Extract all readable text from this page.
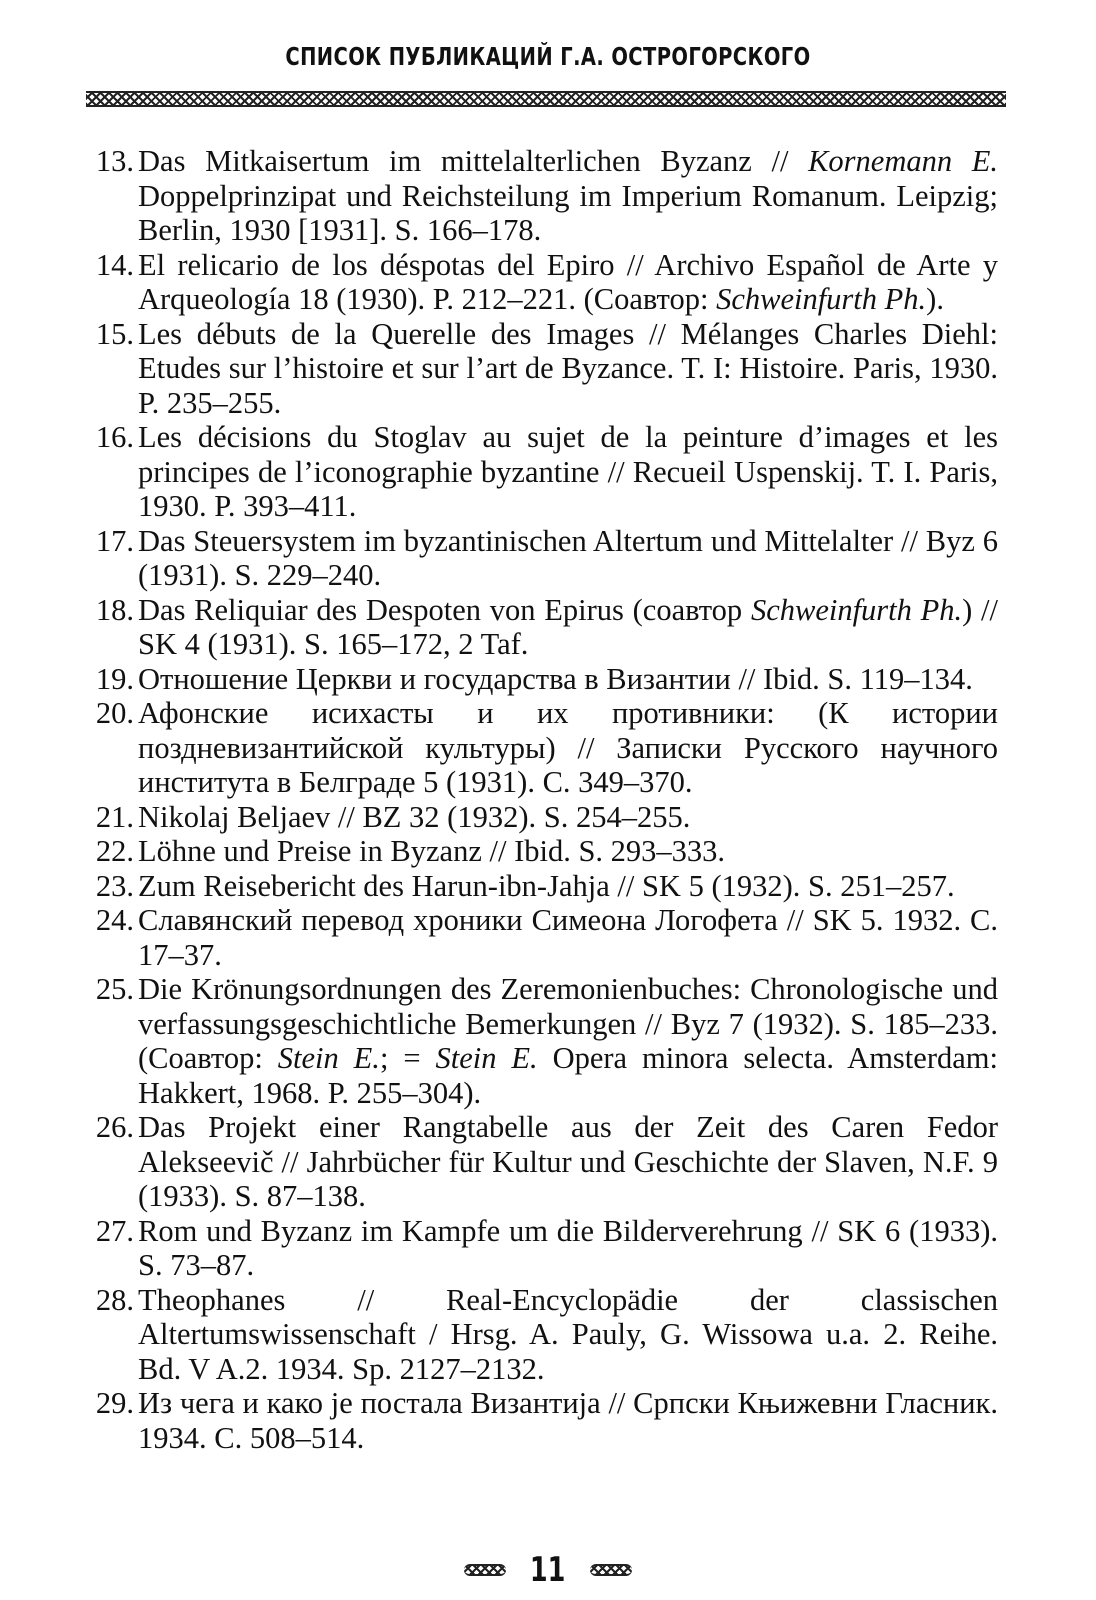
СПИСОК ПУБЛИКАЦИЙ Г.А. ОСТРОГОРСКОГО
13. Das Mitkaisertum im mittelalterlichen Byzanz // Kornemann E. Doppelprinzipat und Reichsteilung im Imperium Romanum. Leipzig; Berlin, 1930 [1931]. S. 166–178.
14. El relicario de los déspotas del Epiro // Archivo Español de Arte y Arqueología 18 (1930). P. 212–221. (Соавтор: Schweinfurth Ph.).
15. Les débuts de la Querelle des Images // Mélanges Charles Diehl: Etudes sur l’histoire et sur l’art de Byzance. T. I: Histoire. Paris, 1930. P. 235–255.
16. Les décisions du Stoglav au sujet de la peinture d’images et les principes de l’iconographie byzantine // Recueil Uspenskij. T. I. Paris, 1930. P. 393–411.
17. Das Steuersystem im byzantinischen Altertum und Mittelalter // Byz 6 (1931). S. 229–240.
18. Das Reliquiar des Despoten von Epirus (соавтор Schweinfurth Ph.) // SK 4 (1931). S. 165–172, 2 Taf.
19. Отношение Церкви и государства в Византии // Ibid. S. 119–134.
20. Афонские исихасты и их противники: (К истории поздневизантийской культуры) // Записки Русского научного института в Белграде 5 (1931). С. 349–370.
21. Nikolaj Beljaev // BZ 32 (1932). S. 254–255.
22. Löhne und Preise in Byzanz // Ibid. S. 293–333.
23. Zum Reisebericht des Harun-ibn-Jahja // SK 5 (1932). S. 251–257.
24. Славянский перевод хроники Симеона Логофета // SK 5. 1932. С. 17–37.
25. Die Krönungsordnungen des Zeremonienbuches: Chronologische und verfassungsgeschichtliche Bemerkungen // Byz 7 (1932). S. 185–233. (Соавтор: Stein E.; = Stein E. Opera minora selecta. Amsterdam: Hakkert, 1968. P. 255–304).
26. Das Projekt einer Rangtabelle aus der Zeit des Caren Fedor Alekseevič // Jahrbücher für Kultur und Geschichte der Slaven, N.F. 9 (1933). S. 87–138.
27. Rom und Byzanz im Kampfe um die Bilderverehrung // SK 6 (1933). S. 73–87.
28. Theophanes // Real-Encyclopädie der classischen Altertumswissenschaft / Hrsg. A. Pauly, G. Wissowa u.a. 2. Reihe. Bd. V A.2. 1934. Sp. 2127–2132.
29. Из чега и како је постала Византија // Српски Књижевни Гласник. 1934. С. 508–514.
11
